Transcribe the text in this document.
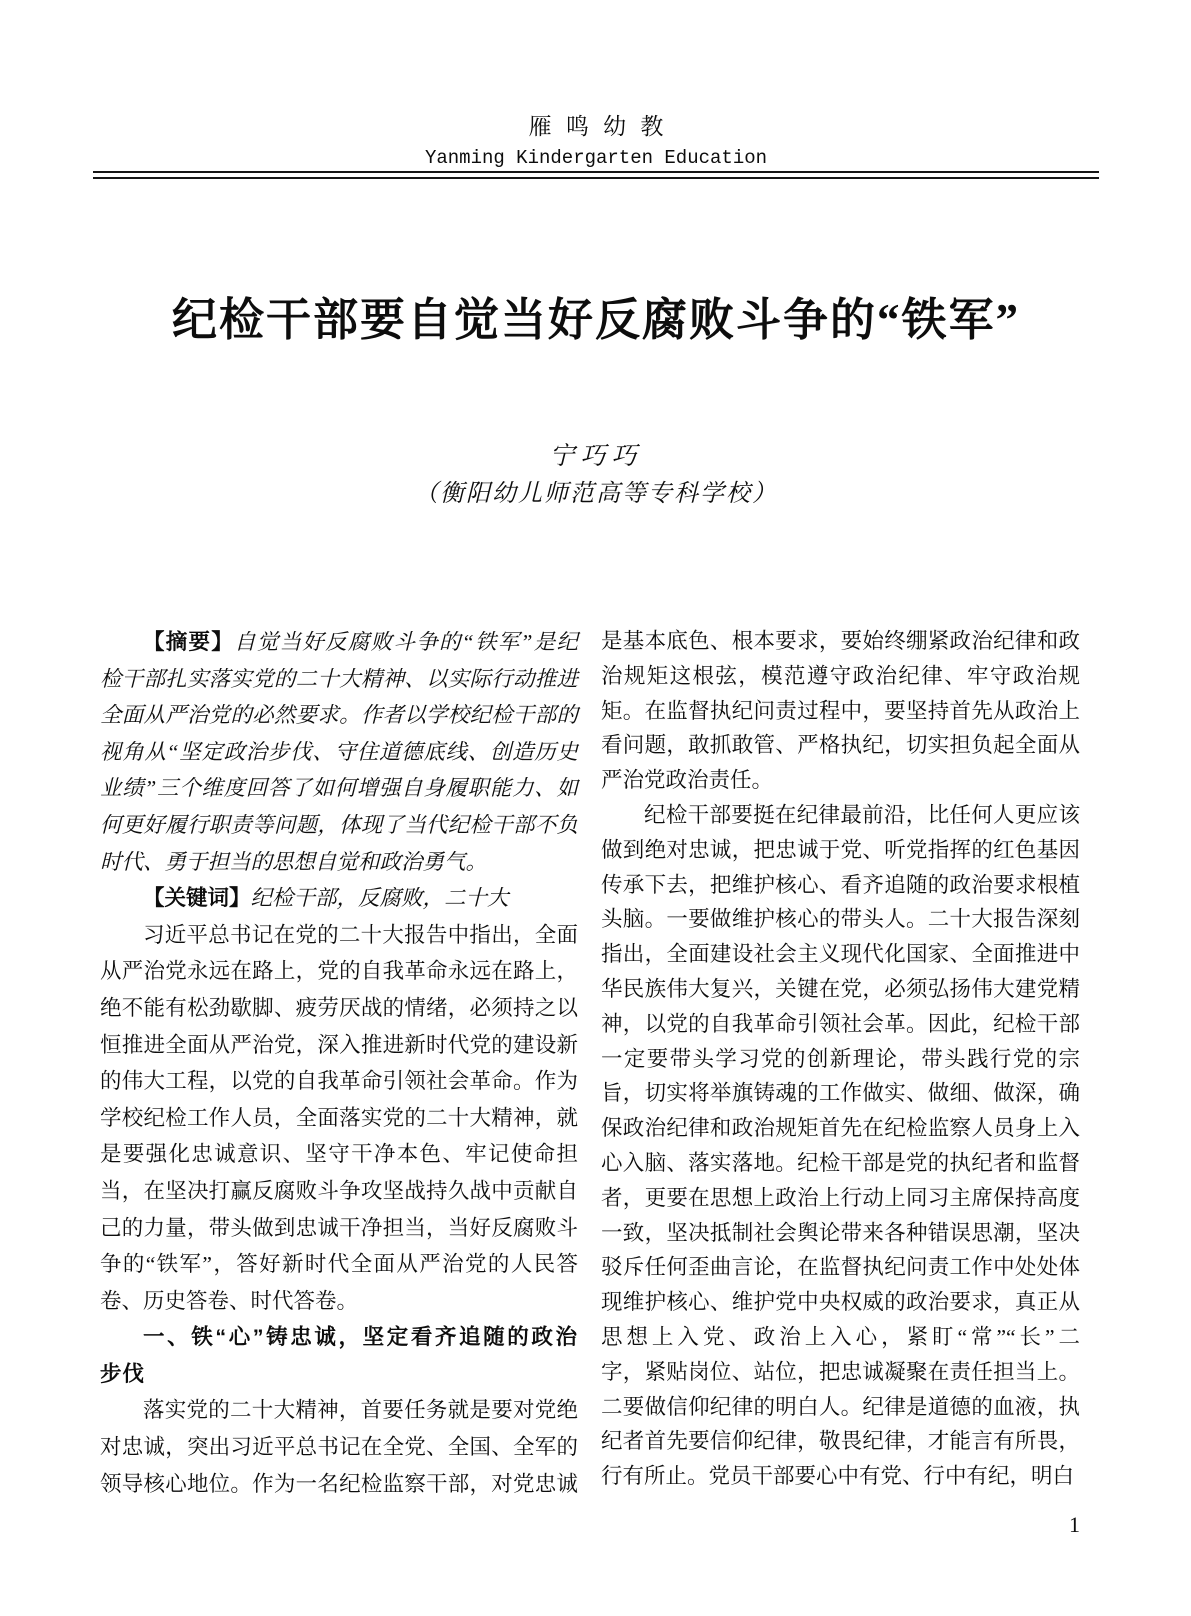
雁鸣幼教
Yanming Kindergarten Education
纪检干部要自觉当好反腐败斗争的“铁军”
宁巧巧
（衡阳幼儿师范高等专科学校）
【摘要】自觉当好反腐败斗争的“铁军”是纪
检干部扎实落实党的二十大精神、以实际行动推进
全面从严治党的必然要求。作者以学校纪检干部的
视角从“坚定政治步伐、守住道德底线、创造历史
业绩”三个维度回答了如何增强自身履职能力、如
何更好履行职责等问题，体现了当代纪检干部不负
时代、勇于担当的思想自觉和政治勇气。
【关键词】纪检干部，反腐败，二十大
习近平总书记在党的二十大报告中指出，全面
从严治党永远在路上，党的自我革命永远在路上，
绝不能有松劲歇脚、疲劳厌战的情绪，必须持之以
恒推进全面从严治党，深入推进新时代党的建设新
的伟大工程，以党的自我革命引领社会革命。作为
学校纪检工作人员，全面落实党的二十大精神，就
是要强化忠诚意识、坚守干净本色、牢记使命担
当，在坚决打赢反腐败斗争攻坚战持久战中贡献自
己的力量，带头做到忠诚干净担当，当好反腐败斗
争的“铁军”，答好新时代全面从严治党的人民答
卷、历史答卷、时代答卷。
一、铁“心”铸忠诚，坚定看齐追随的政治
步伐
落实党的二十大精神，首要任务就是要对党绝
对忠诚，突出习近平总书记在全党、全国、全军的
领导核心地位。作为一名纪检监察干部，对党忠诚
是基本底色、根本要求，要始终绷紧政治纪律和政
治规矩这根弦，模范遵守政治纪律、牢守政治规
矩。在监督执纪问责过程中，要坚持首先从政治上
看问题，敢抓敢管、严格执纪，切实担负起全面从
严治党政治责任。
纪检干部要挺在纪律最前沿，比任何人更应该
做到绝对忠诚，把忠诚于党、听党指挥的红色基因
传承下去，把维护核心、看齐追随的政治要求根植
头脑。一要做维护核心的带头人。二十大报告深刻
指出，全面建设社会主义现代化国家、全面推进中
华民族伟大复兴，关键在党，必须弘扬伟大建党精
神，以党的自我革命引领社会革。因此，纪检干部
一定要带头学习党的创新理论，带头践行党的宗
旨，切实将举旗铸魂的工作做实、做细、做深，确
保政治纪律和政治规矩首先在纪检监察人员身上入
心入脑、落实落地。纪检干部是党的执纪者和监督
者，更要在思想上政治上行动上同习主席保持高度
一致，坚决抵制社会舆论带来各种错误思潮，坚决
驳斥任何歪曲言论，在监督执纪问责工作中处处体
现维护核心、维护党中央权威的政治要求，真正从
思想上入党、政治上入心，紧盯“常”“长”二
字，紧贴岗位、站位，把忠诚凝聚在责任担当上。
二要做信仰纪律的明白人。纪律是道德的血液，执
纪者首先要信仰纪律，敬畏纪律，才能言有所畏，
行有所止。党员干部要心中有党、行中有纪，明白
1
